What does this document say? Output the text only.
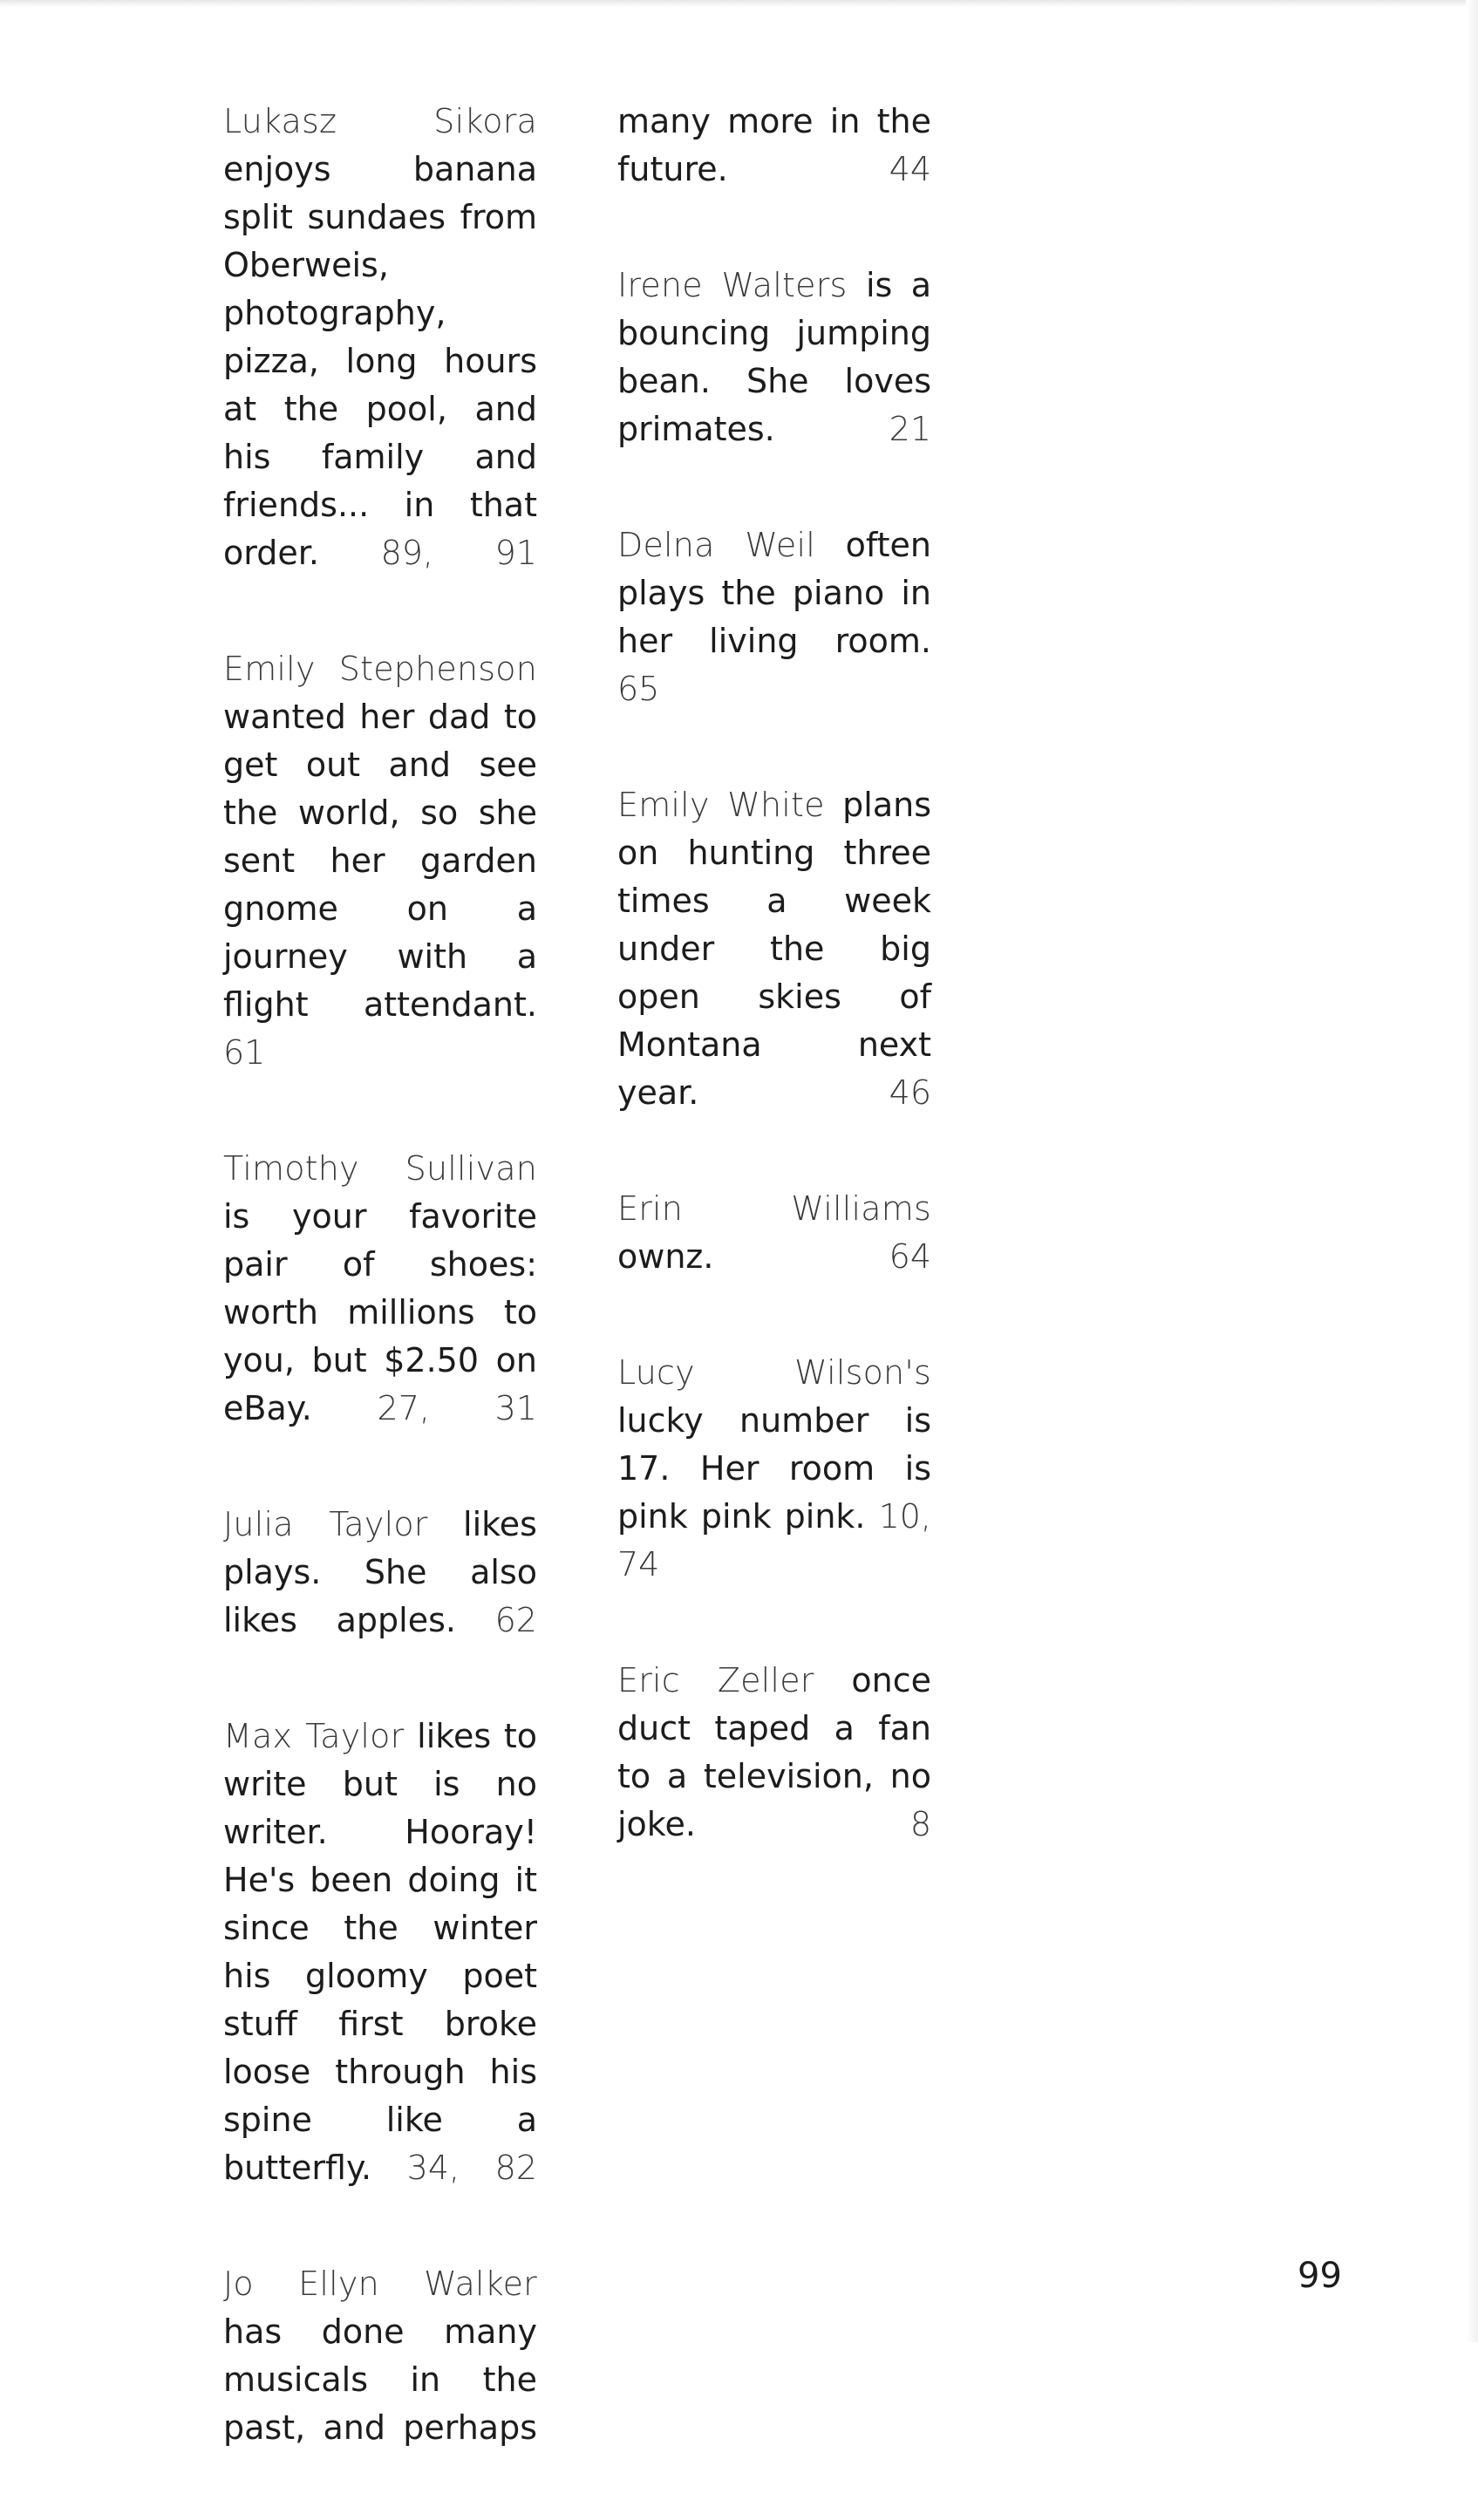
Lukasz Sikora enjoys banana split sundaes from Oberweis, photography, pizza, long hours at the pool, and his family and friends... in that order. 89, 91

Emily Stephenson wanted her dad to get out and see the world, so she sent her garden gnome on a journey with a flight attendant. 61

Timothy Sullivan is your favorite pair of shoes: worth millions to you, but $2.50 on eBay. 27, 31

Julia Taylor likes plays. She also likes apples. 62

Max Taylor likes to write but is no writer. Hooray! He's been doing it since the winter his gloomy poet stuff first broke loose through his spine like a butterfly. 34, 82

Jo Ellyn Walker has done many musicals in the past, and perhaps

many more in the future.	44

Irene Walters is a bouncing jumping bean. She loves primates.	21

Delna Weil often plays the piano in her living room. 65

Emily White plans on hunting three times a week under the big open skies of Montana next year.	46

Erin Williams ownz.	64

Lucy Wilson's lucky number is 17. Her room is pink pink pink. 10, 74

Eric Zeller once duct taped a fan to a television, no joke.	8

99
